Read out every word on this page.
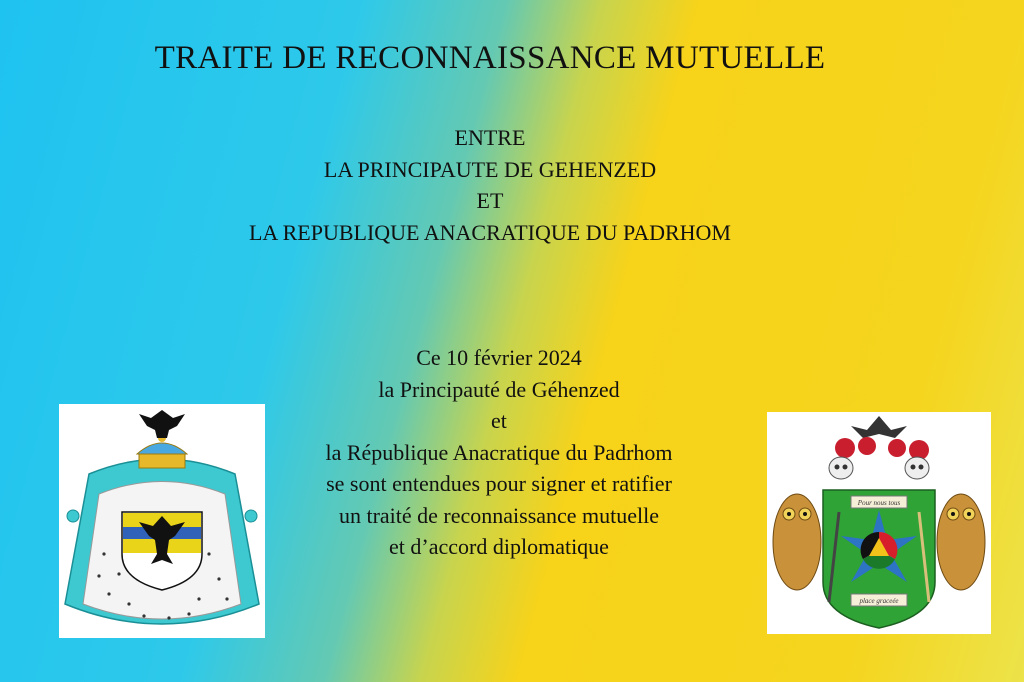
TRAITE DE RECONNAISSANCE MUTUELLE
ENTRE
LA PRINCIPAUTE DE GEHENZED
ET
LA REPUBLIQUE ANACRATIQUE DU PADRHOM
Ce 10 février 2024
la Principauté de Géhenzed
et
la République Anacratique du Padrhom
se sont entendues pour signer et ratifier
un traité de reconnaissance mutuelle
et d’accord diplomatique
Pour nous tous
place graceée
